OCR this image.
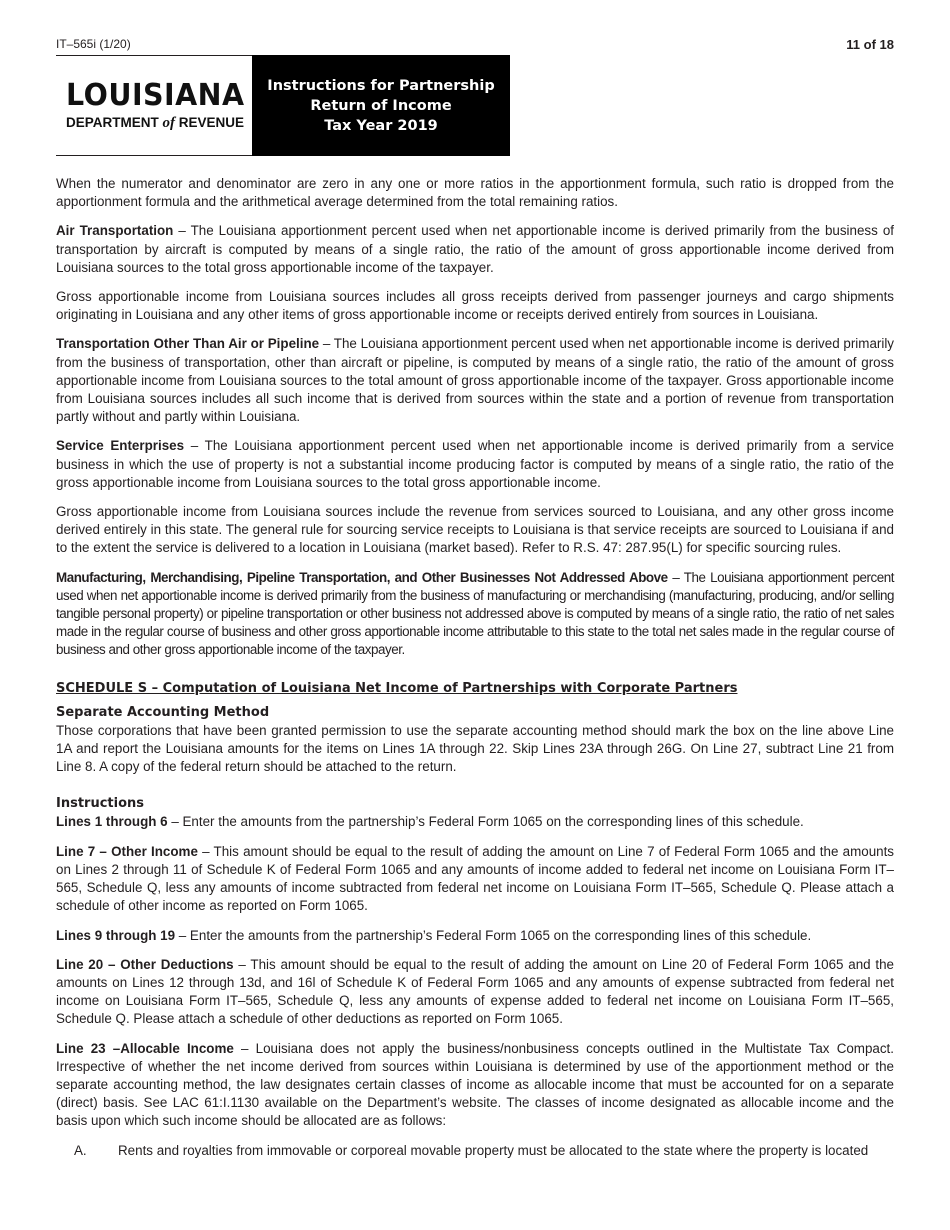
IT–565i (1/20)	11 of 18
LOUISIANA
DEPARTMENT of REVENUE
Instructions for Partnership
Return of Income
Tax Year 2019

When the numerator and denominator are zero in any one or more ratios in the apportionment formula, such ratio is dropped from the apportionment formula and the arithmetical average determined from the total remaining ratios.

Air Transportation – The Louisiana apportionment percent used when net apportionable income is derived primarily from the business of transportation by aircraft is computed by means of a single ratio, the ratio of the amount of gross apportionable income derived from Louisiana sources to the total gross apportionable income of the taxpayer.

Gross apportionable income from Louisiana sources includes all gross receipts derived from passenger journeys and cargo shipments originating in Louisiana and any other items of gross apportionable income or receipts derived entirely from sources in Louisiana.

Transportation Other Than Air or Pipeline – The Louisiana apportionment percent used when net apportionable income is derived primarily from the business of transportation, other than aircraft or pipeline, is computed by means of a single ratio, the ratio of the amount of gross apportionable income from Louisiana sources to the total amount of gross apportionable income of the taxpayer. Gross apportionable income from Louisiana sources includes all such income that is derived from sources within the state and a portion of revenue from transportation partly without and partly within Louisiana.

Service Enterprises – The Louisiana apportionment percent used when net apportionable income is derived primarily from a service business in which the use of property is not a substantial income producing factor is computed by means of a single ratio, the ratio of the gross apportionable income from Louisiana sources to the total gross apportionable income.

Gross apportionable income from Louisiana sources include the revenue from services sourced to Louisiana, and any other gross income derived entirely in this state. The general rule for sourcing service receipts to Louisiana is that service receipts are sourced to Louisiana if and to the extent the service is delivered to a location in Louisiana (market based). Refer to R.S. 47: 287.95(L) for specific sourcing rules.

Manufacturing, Merchandising, Pipeline Transportation, and Other Businesses Not Addressed Above – The Louisiana apportionment percent used when net apportionable income is derived primarily from the business of manufacturing or merchandising (manufacturing, producing, and/or selling tangible personal property) or pipeline transportation or other business not addressed above is computed by means of a single ratio, the ratio of net sales made in the regular course of business and other gross apportionable income attributable to this state to the total net sales made in the regular course of business and other gross apportionable income of the taxpayer.

SCHEDULE S – Computation of Louisiana Net Income of Partnerships with Corporate Partners
Separate Accounting Method

Those corporations that have been granted permission to use the separate accounting method should mark the box on the line above Line 1A and report the Louisiana amounts for the items on Lines 1A through 22. Skip Lines 23A through 26G. On Line 27, subtract Line 21 from Line 8. A copy of the federal return should be attached to the return.

Instructions

Lines 1 through 6 – Enter the amounts from the partnership’s Federal Form 1065 on the corresponding lines of this schedule.

Line 7 – Other Income – This amount should be equal to the result of adding the amount on Line 7 of Federal Form 1065 and the amounts on Lines 2 through 11 of Schedule K of Federal Form 1065 and any amounts of income added to federal net income on Louisiana Form IT–565, Schedule Q, less any amounts of income subtracted from federal net income on Louisiana Form IT–565, Schedule Q. Please attach a schedule of other income as reported on Form 1065.

Lines 9 through 19 – Enter the amounts from the partnership’s Federal Form 1065 on the corresponding lines of this schedule.

Line 20 – Other Deductions – This amount should be equal to the result of adding the amount on Line 20 of Federal Form 1065 and the amounts on Lines 12 through 13d, and 16l of Schedule K of Federal Form 1065 and any amounts of expense subtracted from federal net income on Louisiana Form IT–565, Schedule Q, less any amounts of expense added to federal net income on Louisiana Form IT–565, Schedule Q. Please attach a schedule of other deductions as reported on Form 1065.

Line 23 –Allocable Income – Louisiana does not apply the business/nonbusiness concepts outlined in the Multistate Tax Compact. Irrespective of whether the net income derived from sources within Louisiana is determined by use of the apportionment method or the separate accounting method, the law designates certain classes of income as allocable income that must be accounted for on a separate (direct) basis. See LAC 61:I.1130 available on the Department’s website. The classes of income designated as allocable income and the basis upon which such income should be allocated are as follows:

A.	Rents and royalties from immovable or corporeal movable property must be allocated to the state where the property is located
